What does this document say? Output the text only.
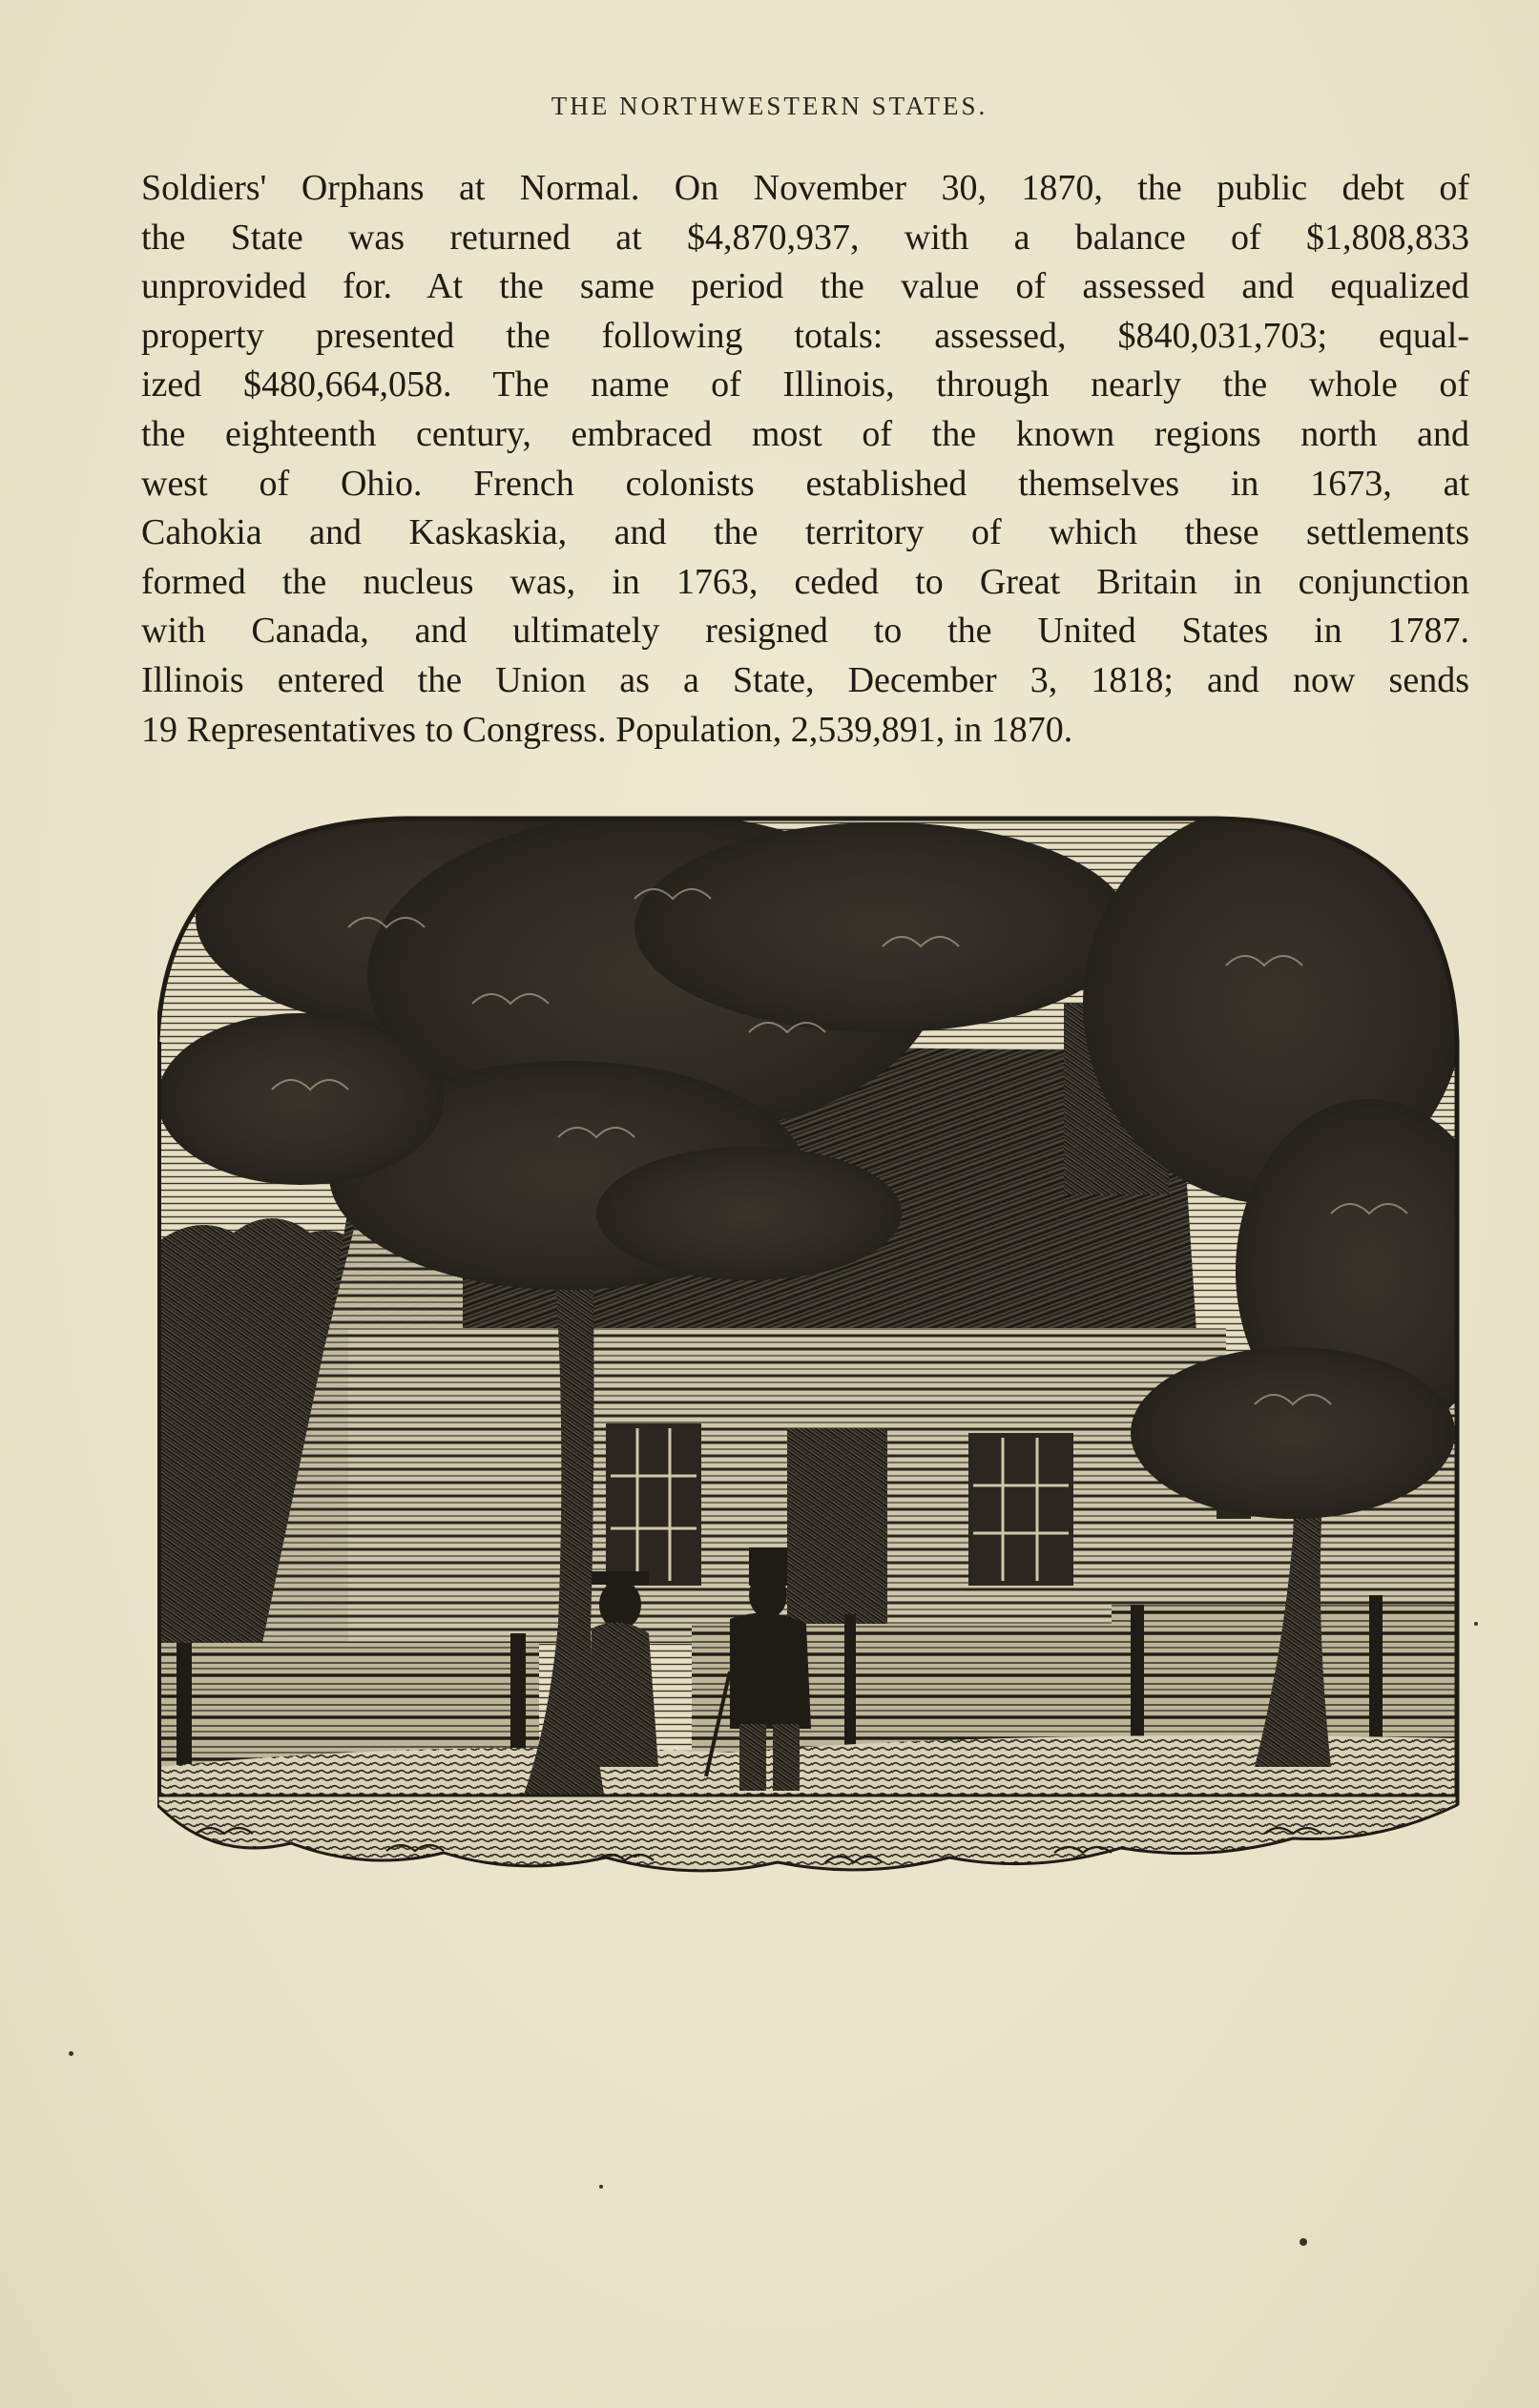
THE NORTHWESTERN STATES.
Soldiers' Orphans at Normal. On November 30, 1870, the public debt of
the State was returned at $4,870,937, with a balance of $1,808,833
unprovided for. At the same period the value of assessed and equalized
property presented the following totals: assessed, $840,031,703; equal-
ized $480,664,058. The name of Illinois, through nearly the whole of
the eighteenth century, embraced most of the known regions north and
west of Ohio. French colonists established themselves in 1673, at
Cahokia and Kaskaskia, and the territory of which these settlements
formed the nucleus was, in 1763, ceded to Great Britain in conjunction
with Canada, and ultimately resigned to the United States in 1787.
Illinois entered the Union as a State, December 3, 1818; and now sends
19 Representatives to Congress. Population, 2,539,891, in 1870.
